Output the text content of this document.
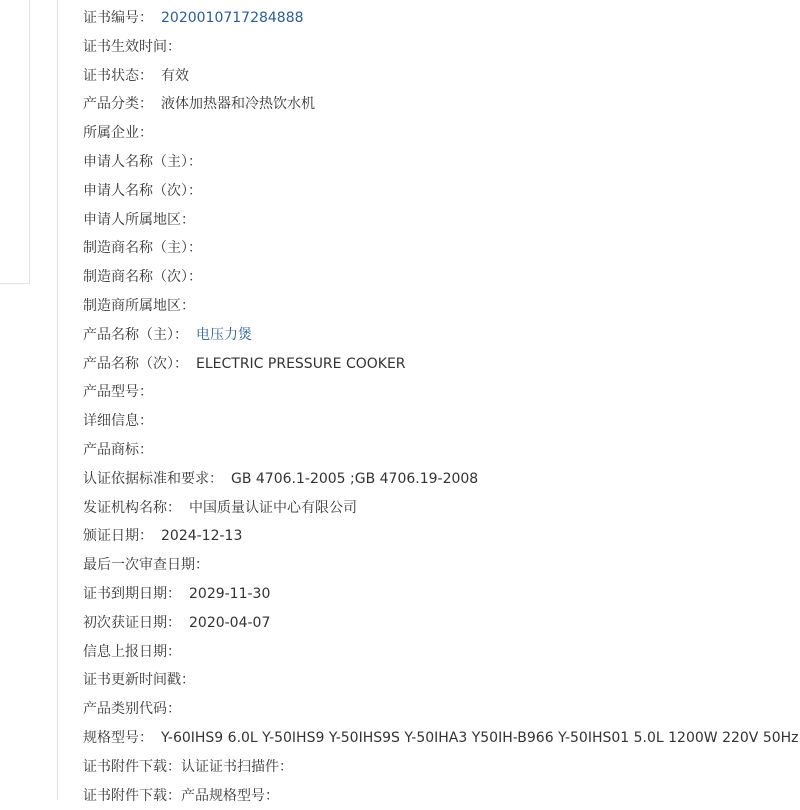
证书编号： 2020010717284888
证书生效时间：
证书状态： 有效
产品分类： 液体加热器和冷热饮水机
所属企业：
申请人名称（主）：
申请人名称（次）：
申请人所属地区：
制造商名称（主）：
制造商名称（次）：
制造商所属地区：
产品名称（主）： 电压力煲
产品名称（次）： ELECTRIC PRESSURE COOKER
产品型号：
详细信息：
产品商标：
认证依据标准和要求： GB 4706.1-2005 ;GB 4706.19-2008
发证机构名称： 中国质量认证中心有限公司
颁证日期： 2024-12-13
最后一次审查日期：
证书到期日期： 2029-11-30
初次获证日期： 2020-04-07
信息上报日期：
证书更新时间戳：
产品类别代码：
规格型号： Y-60IHS9 6.0L Y-50IHS9 Y-50IHS9S Y-50IHA3 Y50IH-B966 Y-50IHS01 5.0L 1200W 220V 50Hz
证书附件下载：认证证书扫描件：
证书附件下载：产品规格型号：
